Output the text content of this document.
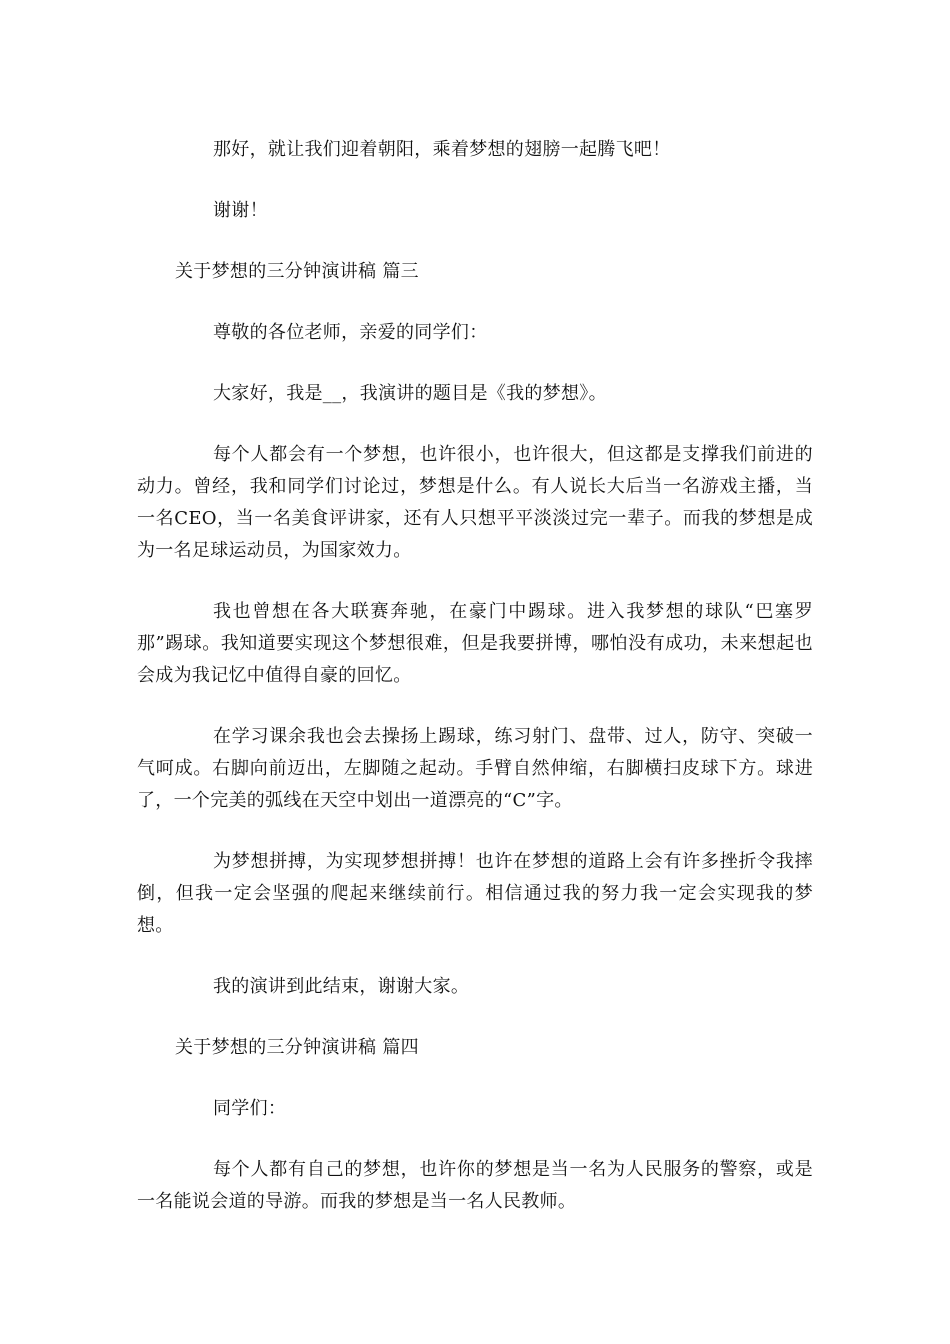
那好，就让我们迎着朝阳，乘着梦想的翅膀一起腾飞吧！

谢谢！

关于梦想的三分钟演讲稿 篇三

尊敬的各位老师，亲爱的同学们：

大家好，我是__，我演讲的题目是《我的梦想》。

每个人都会有一个梦想，也许很小，也许很大，但这都是支撑我们前进的动力。曾经，我和同学们讨论过，梦想是什么。有人说长大后当一名游戏主播，当一名CEO，当一名美食评讲家，还有人只想平平淡淡过完一辈子。而我的梦想是成为一名足球运动员，为国家效力。

我也曾想在各大联赛奔驰，在豪门中踢球。进入我梦想的球队“巴塞罗那”踢球。我知道要实现这个梦想很难，但是我要拼博，哪怕没有成功，未来想起也会成为我记忆中值得自豪的回忆。

在学习课余我也会去操扬上踢球，练习射门、盘带、过人，防守、突破一气呵成。右脚向前迈出，左脚随之起动。手臂自然伸缩，右脚横扫皮球下方。球进了，一个完美的弧线在天空中划出一道漂亮的“C”字。

为梦想拼搏，为实现梦想拼搏！也许在梦想的道路上会有许多挫折令我摔倒，但我一定会坚强的爬起来继续前行。相信通过我的努力我一定会实现我的梦想。

我的演讲到此结束，谢谢大家。

关于梦想的三分钟演讲稿 篇四

同学们：

每个人都有自己的梦想，也许你的梦想是当一名为人民服务的警察，或是一名能说会道的导游。而我的梦想是当一名人民教师。
